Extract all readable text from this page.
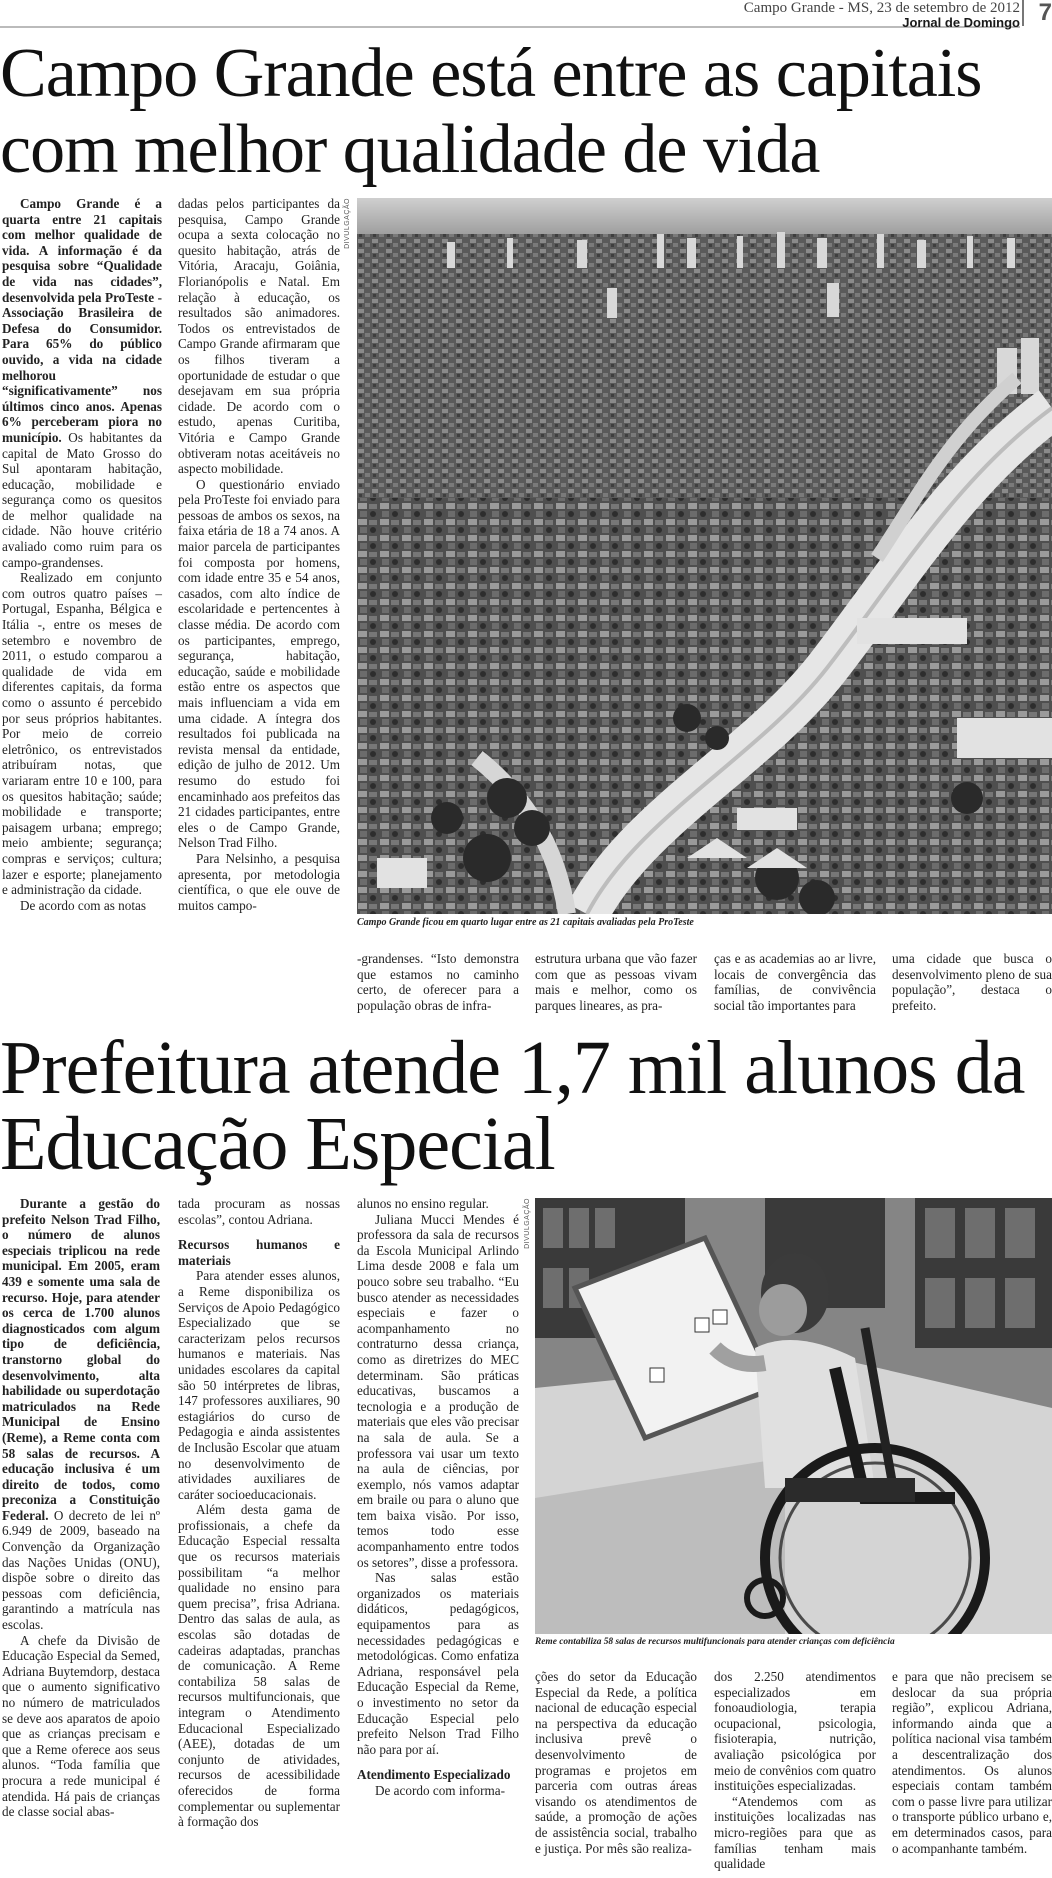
Campo Grande - MS, 23 de setembro de 2012
Jornal de Domingo 7
Campo Grande está entre as capitais com melhor qualidade de vida

Campo Grande é a quarta entre 21 capitais com melhor qualidade de vida. A informação é da pesquisa sobre “Qualidade de vida nas cidades”, desenvolvida pela ProTeste - Associação Brasileira de Defesa do Consumidor. Para 65% do público ouvido, a vida na cidade melhorou “significativamente” nos últimos cinco anos. Apenas 6% perceberam piora no município. Os habitantes da capital de Mato Grosso do Sul apontaram habitação, educação, mobilidade e segurança como os quesitos de melhor qualidade na cidade. Não houve critério avaliado como ruim para os campo-grandenses.

Realizado em conjunto com outros quatro países – Portugal, Espanha, Bélgica e Itália -, entre os meses de setembro e novembro de 2011, o estudo comparou a qualidade de vida em diferentes capitais, da forma como o assunto é percebido por seus próprios habitantes. Por meio de correio eletrônico, os entrevistados atribuíram notas, que variaram entre 10 e 100, para os quesitos habitação; saúde; mobilidade e transporte; paisagem urbana; emprego; meio ambiente; segurança; compras e serviços; cultura; lazer e esporte; planejamento e administração da cidade.

De acordo com as notas

dadas pelos participantes da pesquisa, Campo Grande ocupa a sexta colocação no quesito habitação, atrás de Vitória, Aracaju, Goiânia, Florianópolis e Natal. Em relação à educação, os resultados são animadores. Todos os entrevistados de Campo Grande afirmaram que os filhos tiveram a oportunidade de estudar o que desejavam em sua própria cidade. De acordo com o estudo, apenas Curitiba, Vitória e Campo Grande obtiveram notas aceitáveis no aspecto mobilidade.

O questionário enviado pela ProTeste foi enviado para pessoas de ambos os sexos, na faixa etária de 18 a 74 anos. A maior parcela de participantes foi composta por homens, com idade entre 35 e 54 anos, casados, com alto índice de escolaridade e pertencentes à classe média. De acordo com os participantes, emprego, segurança, habitação, educação, saúde e mobilidade estão entre os aspectos que mais influenciam a vida em uma cidade. A íntegra dos resultados foi publicada na revista mensal da entidade, edição de julho de 2012. Um resumo do estudo foi encaminhado aos prefeitos das 21 cidades participantes, entre eles o de Campo Grande, Nelson Trad Filho.

Para Nelsinho, a pesquisa apresenta, por metodologia científica, o que ele ouve de muitos campo-

DIVULGAÇÃO
Campo Grande ficou em quarto lugar entre as 21 capitais avaliadas pela ProTeste

-grandenses. “Isto demonstra que estamos no caminho certo, de oferecer para a população obras de infra-

estrutura urbana que vão fazer com que as pessoas vivam mais e melhor, como os parques lineares, as pra-

ças e as academias ao ar livre, locais de convergência das famílias, de convivência social tão importantes para

uma cidade que busca o desenvolvimento pleno de sua população”, destaca o prefeito.

Prefeitura atende 1,7 mil alunos da Educação Especial

Durante a gestão do prefeito Nelson Trad Filho, o número de alunos especiais triplicou na rede municipal. Em 2005, eram 439 e somente uma sala de recurso. Hoje, para atender os cerca de 1.700 alunos diagnosticados com algum tipo de deficiência, transtorno global do desenvolvimento, alta habilidade ou superdotação matriculados na Rede Municipal de Ensino (Reme), a Reme conta com 58 salas de recursos. A educação inclusiva é um direito de todos, como preconiza a Constituição Federal. O decreto de lei nº 6.949 de 2009, baseado na Convenção da Organização das Nações Unidas (ONU), dispõe sobre o direito das pessoas com deficiência, garantindo a matrícula nas escolas.

A chefe da Divisão de Educação Especial da Semed, Adriana Buytemdorp, destaca que o aumento significativo no número de matriculados se deve aos aparatos de apoio que as crianças precisam e que a Reme oferece aos seus alunos. “Toda família que procura a rede municipal é atendida. Há pais de crianças de classe social abas-

tada procuram as nossas escolas”, contou Adriana.

Recursos humanos e materiais

Para atender esses alunos, a Reme disponibiliza os Serviços de Apoio Pedagógico Especializado que se caracterizam pelos recursos humanos e materiais. Nas unidades escolares da capital são 50 intérpretes de libras, 147 professores auxiliares, 90 estagiários do curso de Pedagogia e ainda assistentes de Inclusão Escolar que atuam no desenvolvimento de atividades auxiliares de caráter socioeducacionais.

Além desta gama de profissionais, a chefe da Educação Especial ressalta que os recursos materiais possibilitam “a melhor qualidade no ensino para quem precisa”, frisa Adriana. Dentro das salas de aula, as escolas são dotadas de cadeiras adaptadas, pranchas de comunicação. A Reme contabiliza 58 salas de recursos multifuncionais, que integram o Atendimento Educacional Especializado (AEE), dotadas de um conjunto de atividades, recursos de acessibilidade oferecidos de forma complementar ou suplementar à formação dos

alunos no ensino regular.

Juliana Mucci Mendes é professora da sala de recursos da Escola Municipal Arlindo Lima desde 2008 e fala um pouco sobre seu trabalho. “Eu busco atender as necessidades especiais e fazer o acompanhamento no contraturno dessa criança, como as diretrizes do MEC determinam. São práticas educativas, buscamos a tecnologia e a produção de materiais que eles vão precisar na sala de aula. Se a professora vai usar um texto na aula de ciências, por exemplo, nós vamos adaptar em braile ou para o aluno que tem baixa visão. Por isso, temos todo esse acompanhamento entre todos os setores”, disse a professora.

Nas salas estão organizados os materiais didáticos, pedagógicos, equipamentos para as necessidades pedagógicas e metodológicas. Como enfatiza Adriana, responsável pela Educação Especial da Reme, o investimento no setor da Educação Especial pelo prefeito Nelson Trad Filho não para por aí.

Atendimento Especializado

De acordo com informa-

DIVULGAÇÃO
Reme contabiliza 58 salas de recursos multifuncionais para atender crianças com deficiência

ções do setor da Educação Especial da Rede, a política nacional de educação especial na perspectiva da educação inclusiva prevê o desenvolvimento de programas e projetos em parceria com outras áreas visando os atendimentos de saúde, a promoção de ações de assistência social, trabalho e justiça. Por mês são realiza-

dos 2.250 atendimentos especializados em fonoaudiologia, terapia ocupacional, psicologia, fisioterapia, nutrição, avaliação psicológica por meio de convênios com quatro instituições especializadas.

“Atendemos com as instituições localizadas nas micro-regiões para que as famílias tenham mais qualidade

e para que não precisem se deslocar da sua própria região”, explicou Adriana, informando ainda que a política nacional visa também a descentralização dos atendimentos. Os alunos especiais contam também com o passe livre para utilizar o transporte público urbano e, em determinados casos, para o acompanhante também.
